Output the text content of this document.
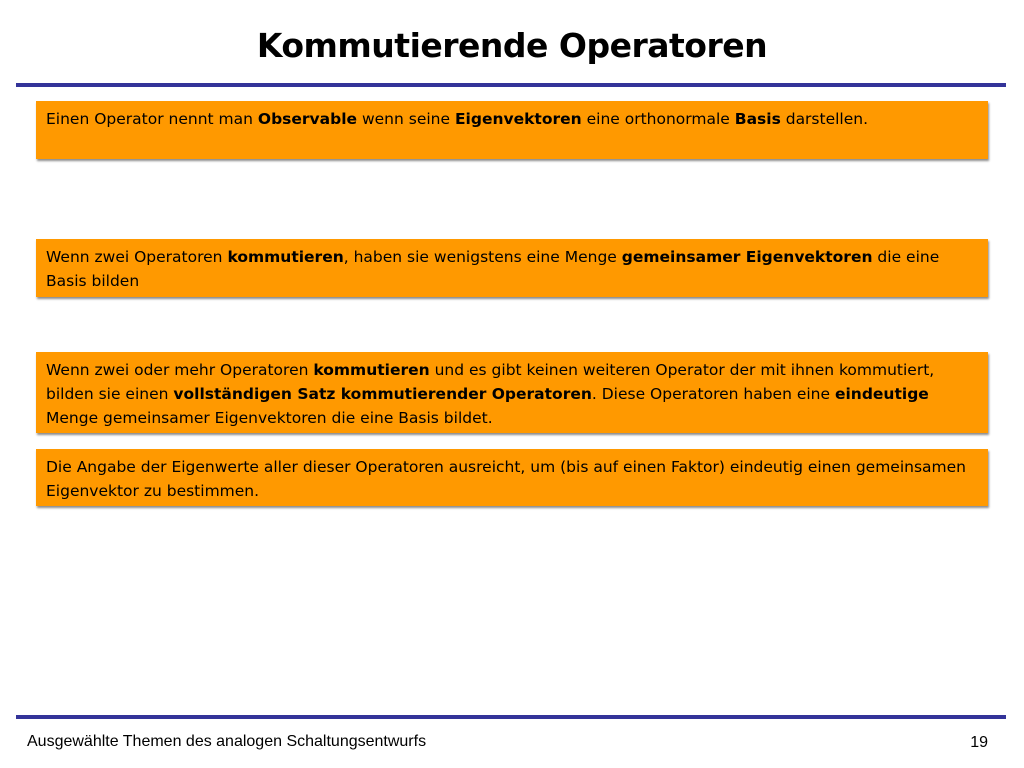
Kommutierende Operatoren
Einen Operator nennt man Observable wenn seine Eigenvektoren eine orthonormale Basis darstellen.
Wenn zwei Operatoren kommutieren, haben sie wenigstens eine Menge gemeinsamer Eigenvektoren die eine Basis bilden
Wenn zwei oder mehr Operatoren kommutieren und es gibt keinen weiteren Operator der mit ihnen kommutiert, bilden sie einen vollständigen Satz kommutierender Operatoren. Diese Operatoren haben eine eindeutige Menge gemeinsamer Eigenvektoren die eine Basis bildet.
Die Angabe der Eigenwerte aller dieser Operatoren ausreicht, um (bis auf einen Faktor) eindeutig einen gemeinsamen Eigenvektor zu bestimmen.
Ausgewählte Themen des analogen Schaltungsentwurfs	19
